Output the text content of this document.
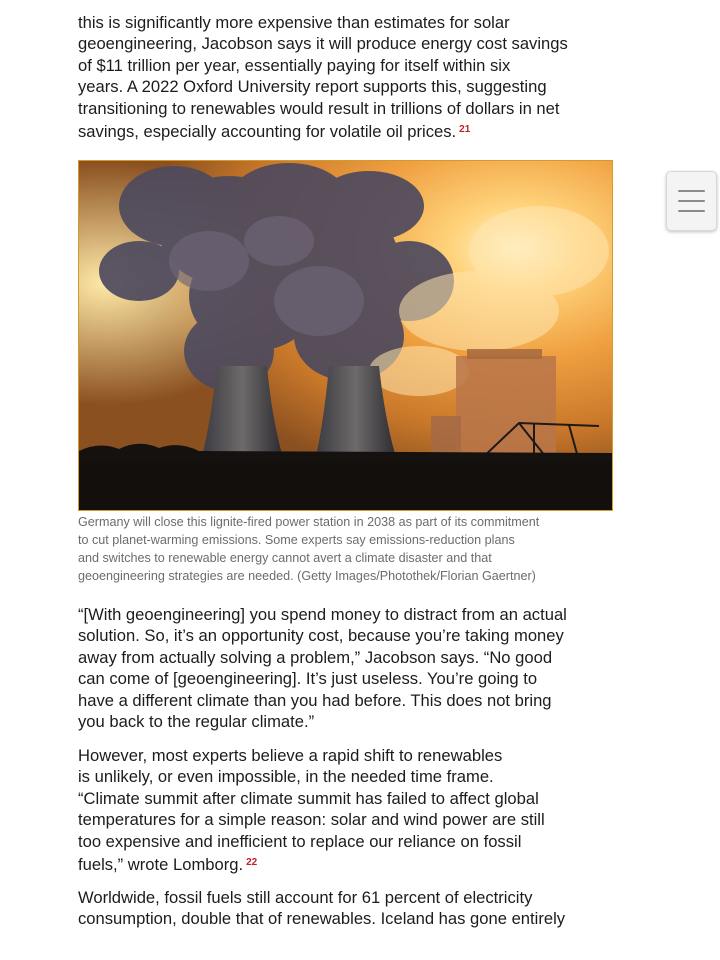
this is significantly more expensive than estimates for solar
geoengineering, Jacobson says it will produce energy cost savings
of $11 trillion per year, essentially paying for itself within six
years. A 2022 Oxford University report supports this, suggesting
transitioning to renewables would result in trillions of dollars in net
savings, especially accounting for volatile oil prices. $^{21}$

Germany will close this lignite-fired power station in 2038 as part of its commitment
to cut planet-warming emissions. Some experts say emissions-reduction plans
and switches to renewable energy cannot avert a climate disaster and that
geoengineering strategies are needed. (Getty Images/Photothek/Florian Gaertner)

“[With geoengineering] you spend money to distract from an actual
solution. So, it’s an opportunity cost, because you’re taking money
away from actually solving a problem,” Jacobson says. “No good
can come of [geoengineering]. It’s just useless. You’re going to
have a different climate than you had before. This does not bring
you back to the regular climate.”

However, most experts believe a rapid shift to renewables
is unlikely, or even impossible, in the needed time frame.
“Climate summit after climate summit has failed to affect global
temperatures for a simple reason: solar and wind power are still
too expensive and inefficient to replace our reliance on fossil
fuels,” wrote Lomborg. $^{22}$

Worldwide, fossil fuels still account for 61 percent of electricity
consumption, double that of renewables. Iceland has gone entirely
